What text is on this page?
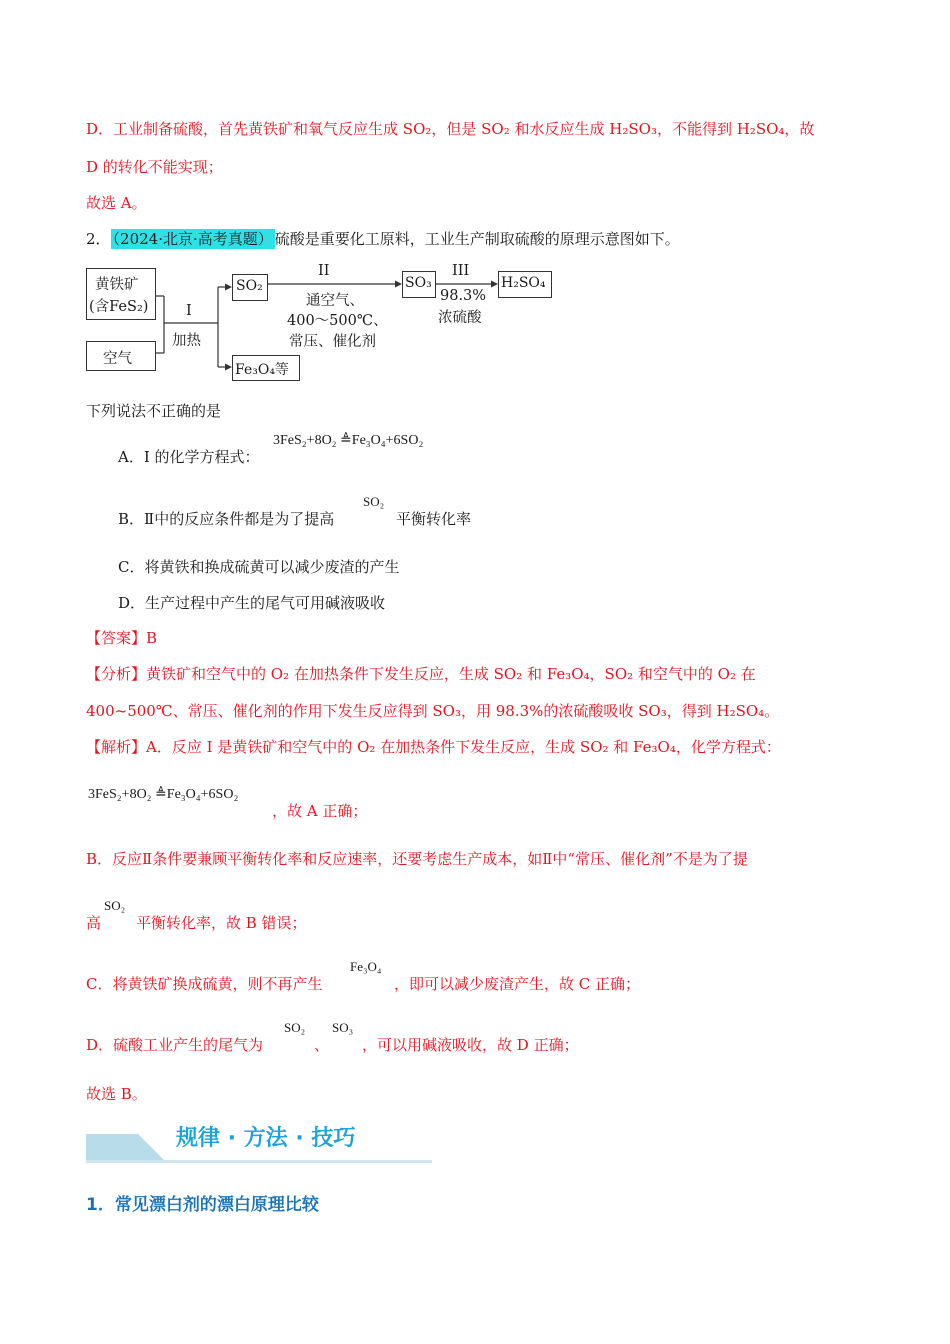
D．工业制备硫酸，首先黄铁矿和氧气反应生成 SO₂，但是 SO₂ 和水反应生成 H₂SO₃，不能得到 H₂SO₄，故
D 的转化不能实现；
故选 A。
2． （2024·北京·高考真题） 硫酸是重要化工原料，工业生产制取硫酸的原理示意图如下。
黄铁矿
(含FeS₂)
空气
I
加热
SO₂
II
通空气、
400～500℃、
常压、催化剂
SO₃
III
98.3%
浓硫酸
H₂SO₄
Fe₃O₄等
下列说法不正确的是
A．I 的化学方程式：
3FeS₂+8O₂ ≜Fe₃O₄+6SO₂
B．Ⅱ中的反应条件都是为了提高
SO₂
平衡转化率
C．将黄铁和换成硫黄可以减少废渣的产生
D．生产过程中产生的尾气可用碱液吸收
【答案】B
【分析】黄铁矿和空气中的 O₂ 在加热条件下发生反应，生成 SO₂ 和 Fe₃O₄，SO₂ 和空气中的 O₂ 在
400~500℃、常压、催化剂的作用下发生反应得到 SO₃，用 98.3%的浓硫酸吸收 SO₃，得到 H₂SO₄。
【解析】A．反应 I 是黄铁矿和空气中的 O₂ 在加热条件下发生反应，生成 SO₂ 和 Fe₃O₄，化学方程式：
3FeS₂+8O₂ ≜Fe₃O₄+6SO₂
，故 A 正确；
B．反应Ⅱ条件要兼顾平衡转化率和反应速率，还要考虑生产成本，如Ⅱ中“常压、催化剂”不是为了提
高
SO₂
平衡转化率，故 B 错误；
C．将黄铁矿换成硫黄，则不再产生
Fe₃O₄
，即可以减少废渣产生，故 C 正确；
D．硫酸工业产生的尾气为
SO₂
、
SO₃
，可以用碱液吸收，故 D 正确；
故选 B。
规律 · 方法 · 技巧
1．常见漂白剂的漂白原理比较
